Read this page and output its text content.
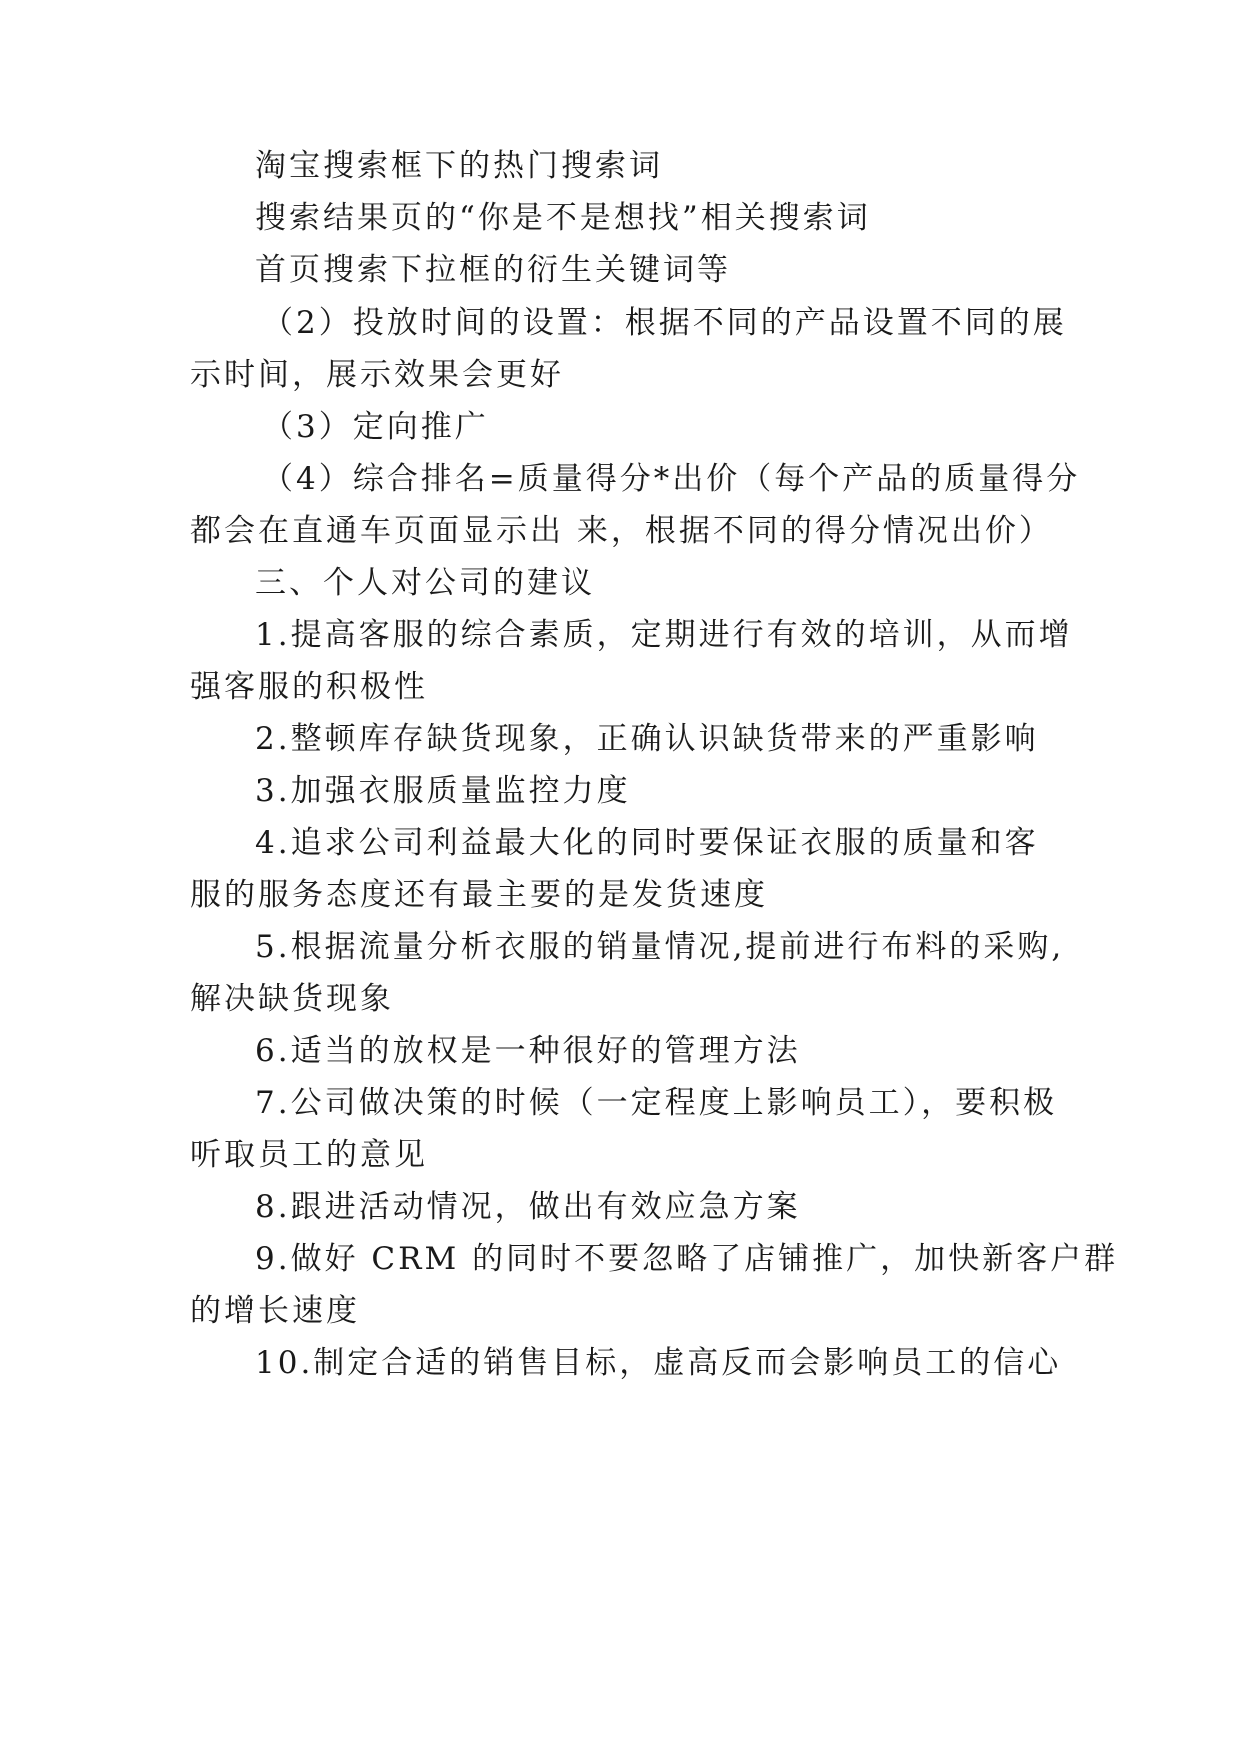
淘宝搜索框下的热门搜索词
搜索结果页的“你是不是想找”相关搜索词
首页搜索下拉框的衍生关键词等
（2）投放时间的设置：根据不同的产品设置不同的展
示时间，展示效果会更好
（3）定向推广
（4）综合排名=质量得分*出价（每个产品的质量得分
都会在直通车页面显示出 来，根据不同的得分情况出价）
三、个人对公司的建议
1.提高客服的综合素质，定期进行有效的培训，从而增
强客服的积极性
2.整顿库存缺货现象，正确认识缺货带来的严重影响
3.加强衣服质量监控力度
4.追求公司利益最大化的同时要保证衣服的质量和客
服的服务态度还有最主要的是发货速度
5.根据流量分析衣服的销量情况,提前进行布料的采购,
解决缺货现象
6.适当的放权是一种很好的管理方法
7.公司做决策的时候（一定程度上影响员工），要积极
听取员工的意见
8.跟进活动情况，做出有效应急方案
9.做好 CRM 的同时不要忽略了店铺推广，加快新客户群
的增长速度
10.制定合适的销售目标，虚高反而会影响员工的信心
